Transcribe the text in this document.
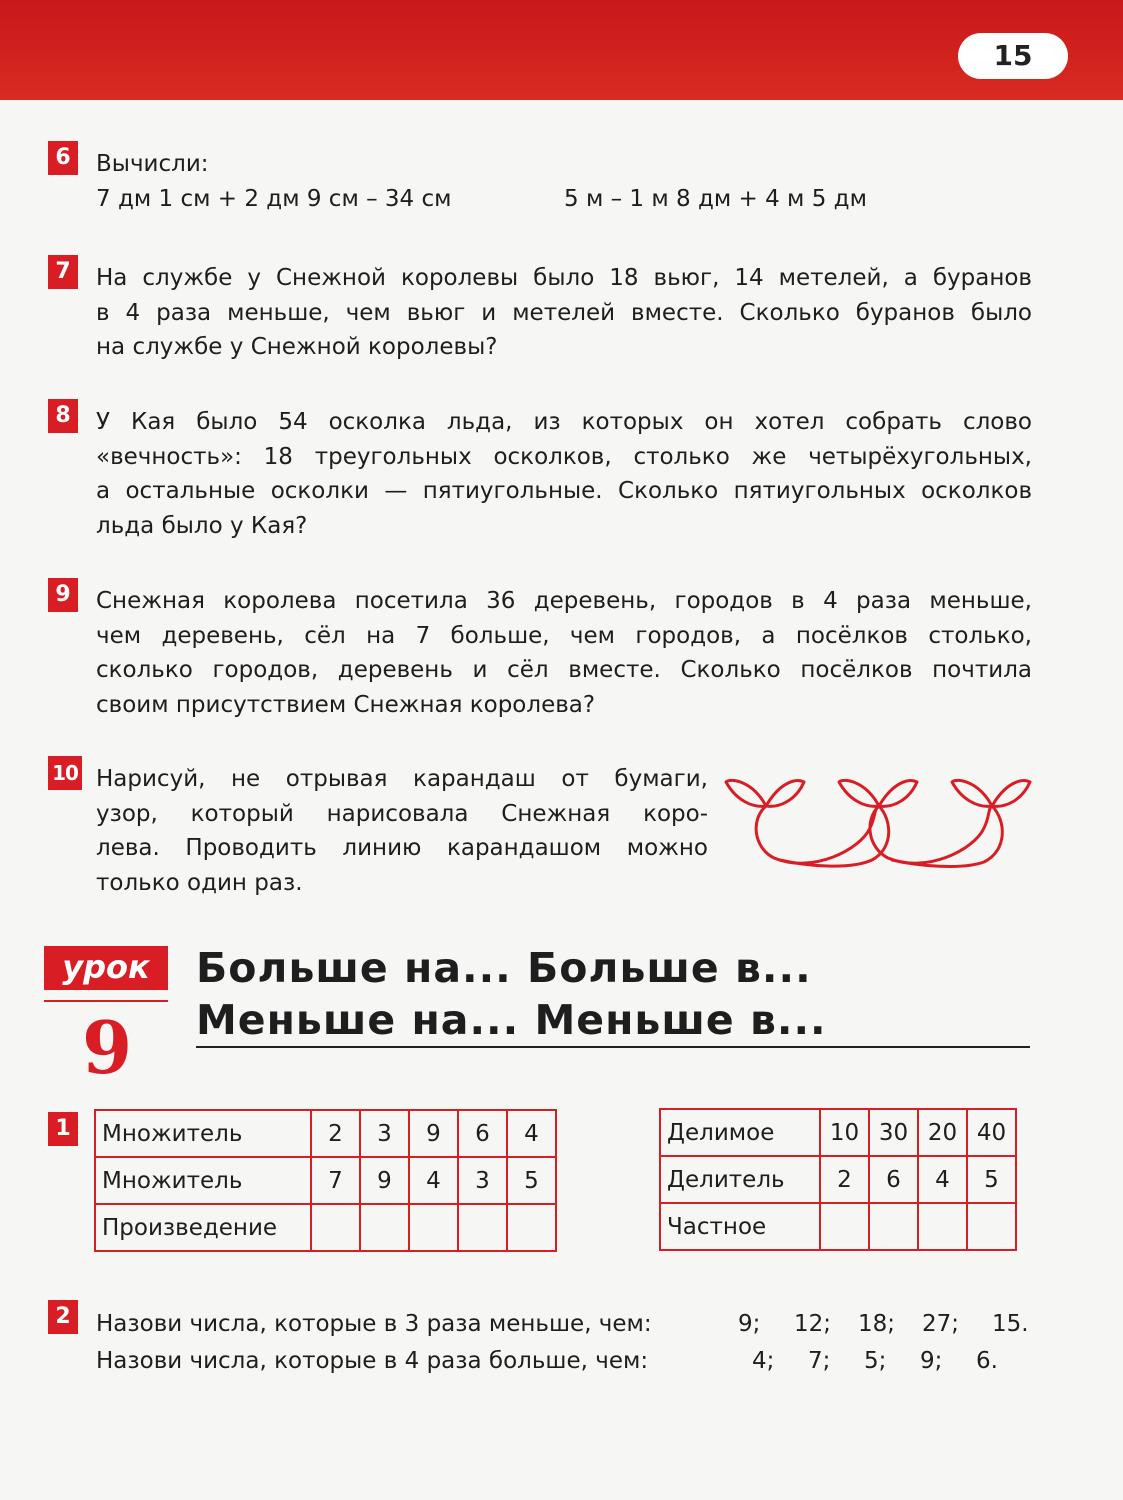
15
6	Вычисли:
7 дм 1 см + 2 дм 9 см – 34 см	5 м – 1 м 8 дм + 4 м 5 дм
7	На службе у Снежной королевы было 18 вьюг, 14 метелей, а буранов
в 4 раза меньше, чем вьюг и метелей вместе. Сколько буранов было
на службе у Снежной королевы?
8	У Кая было 54 осколка льда, из которых он хотел собрать слово
«вечность»: 18 треугольных осколков, столько же четырёхугольных,
а остальные осколки — пятиугольные. Сколько пятиугольных осколков
льда было у Кая?
9	Снежная королева посетила 36 деревень, городов в 4 раза меньше,
чем деревень, сёл на 7 больше, чем городов, а посёлков столько,
сколько городов, деревень и сёл вместе. Сколько посёлков почтила
своим присутствием Снежная королева?
10 Нарисуй, не отрывая карандаш от бумаги,
узор, который нарисовала Снежная коро-
лева. Проводить линию карандашом можно
только один раз.
урок
9
Больше на... Больше в...
Меньше на... Меньше в...
1	Множитель	2	3	9	6	4
Множитель	7	9	4	3	5
Произведение					
Делимое	10	30	20	40
Делитель	2	6	4	5
Частное				
2	Назови числа, которые в 3 раза меньше, чем:	9; 12; 18; 27; 15.
Назови числа, которые в 4 раза больше, чем:	4; 7; 5; 9; 6.
